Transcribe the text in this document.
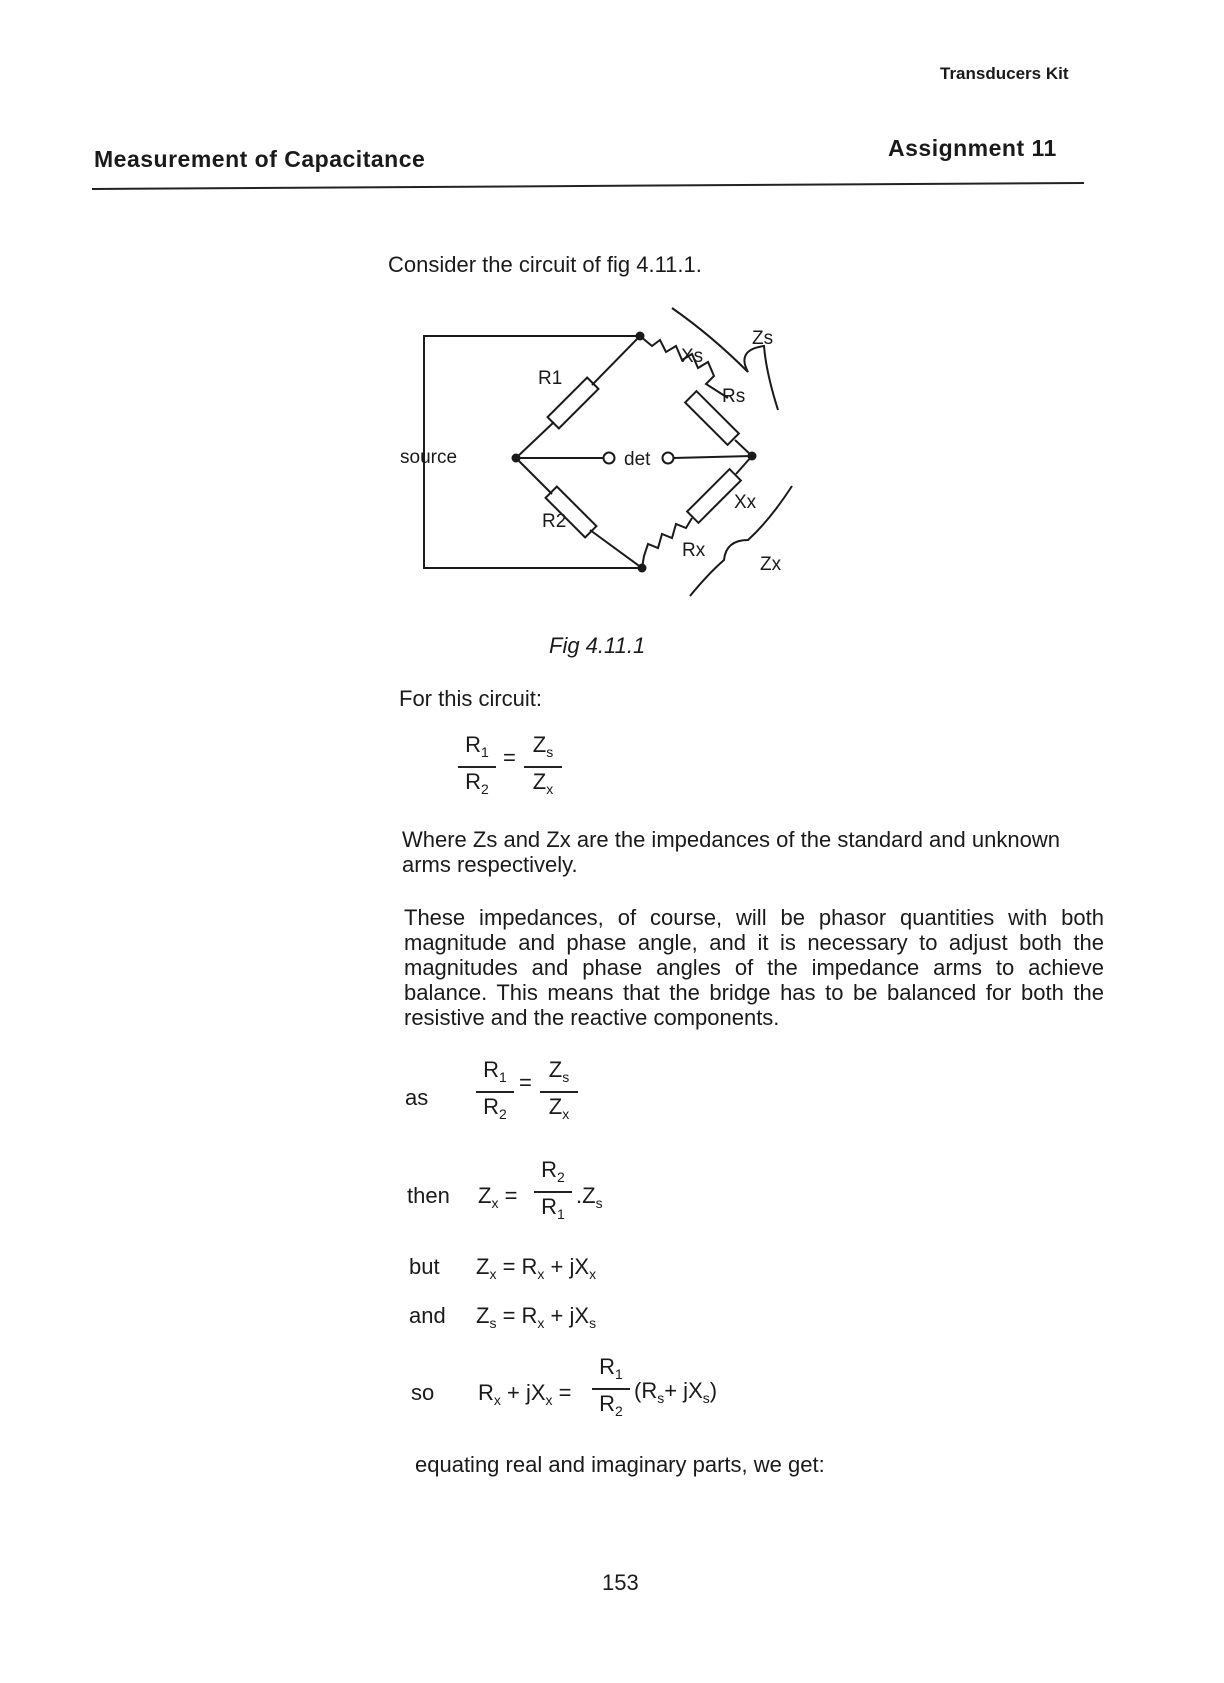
Transducers Kit
Measurement of Capacitance	Assignment 11
Consider the circuit of fig 4.11.1.
source	det
R1
R2
Xs
Rs
Xx
Rx
Zs
Zx
Fig 4.11.1
For this circuit:
$R_1$
$R_2$
=
$Z_s$
$Z_x$
Where Zs and Zx are the impedances of the standard and unknown arms respectively.
These impedances, of course, will be phasor quantities with both magnitude and phase angle, and it is necessary to adjust both the magnitudes and phase angles of the impedance arms to achieve balance. This means that the bridge has to be balanced for both the resistive and the reactive components.
as
$R_1$
$R_2$
=
$Z_s$
$Z_x$
then $Z_x$ =
$R_2$
$R_1$
$.Z_s$
but $Z_x = R_x + jX_x$
and $Z_s = R_x + jX_s$
so $R_x + jX_x$ =
$R_1$
$R_2$
$(R_s+ jX_s)$
equating real and imaginary parts, we get:
153
